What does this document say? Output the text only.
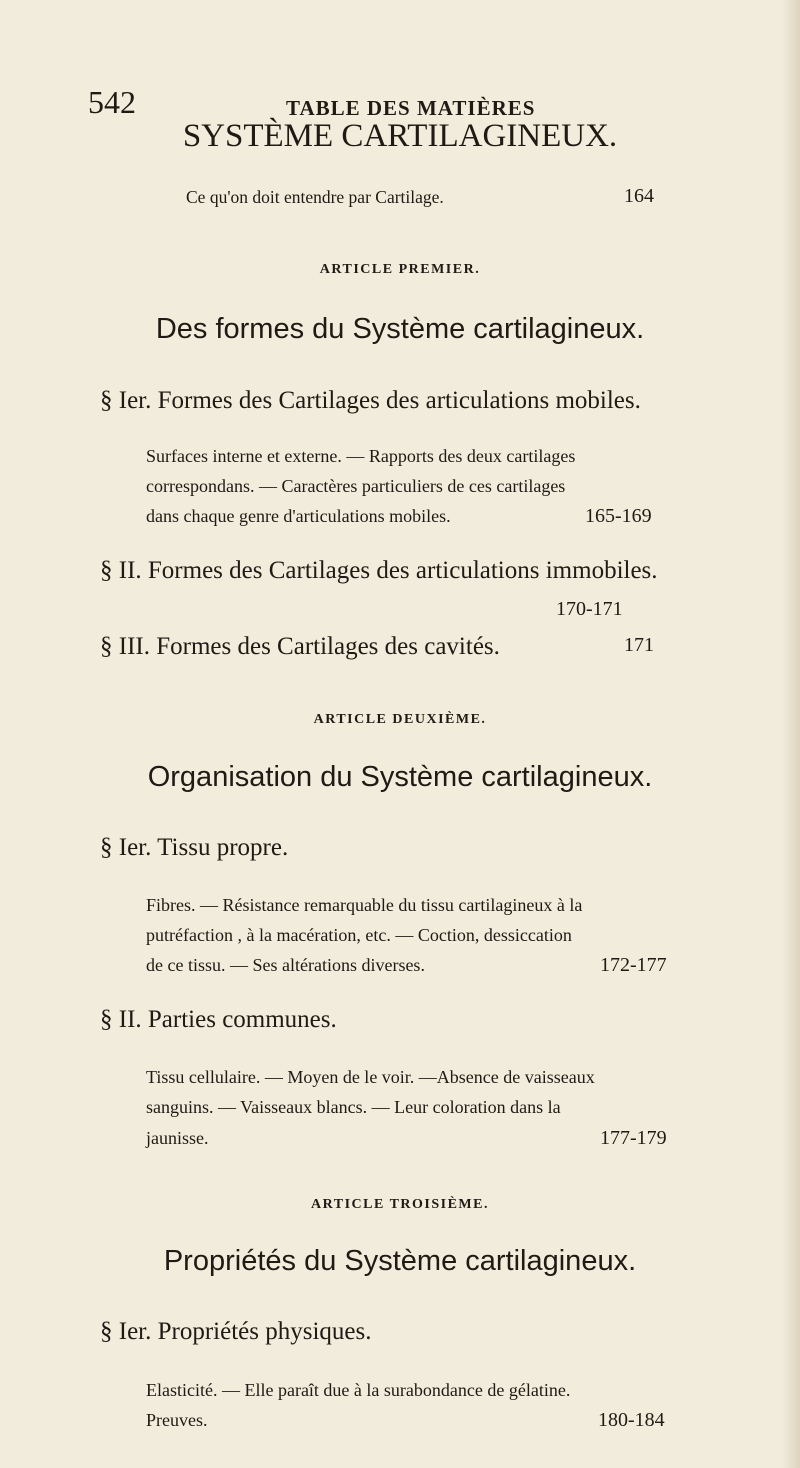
542	TABLE DES MATIÈRES
SYSTÈME CARTILAGINEUX.
Ce qu'on doit entendre par Cartilage.	164
ARTICLE PREMIER.
Des formes du Système cartilagineux.
§ Ier. Formes des Cartilages des articulations mobiles.
Surfaces interne et externe. — Rapports des deux cartilages
correspondans. — Caractères particuliers de ces cartilages
dans chaque genre d'articulations mobiles.	165-169
§ II. Formes des Cartilages des articulations immobiles.
170-171
§ III. Formes des Cartilages des cavités.	171
ARTICLE DEUXIÈME.
Organisation du Système cartilagineux.
§ Ier. Tissu propre.
Fibres. — Résistance remarquable du tissu cartilagineux à la
putréfaction , à la macération, etc. — Coction, dessiccation
de ce tissu. — Ses altérations diverses.	172-177
§ II. Parties communes.
Tissu cellulaire. — Moyen de le voir. —Absence de vaisseaux
sanguins. — Vaisseaux blancs. — Leur coloration dans la
jaunisse.	177-179
ARTICLE TROISIÈME.
Propriétés du Système cartilagineux.
§ Ier. Propriétés physiques.
Elasticité. — Elle paraît due à la surabondance de gélatine.
Preuves.	180-184
